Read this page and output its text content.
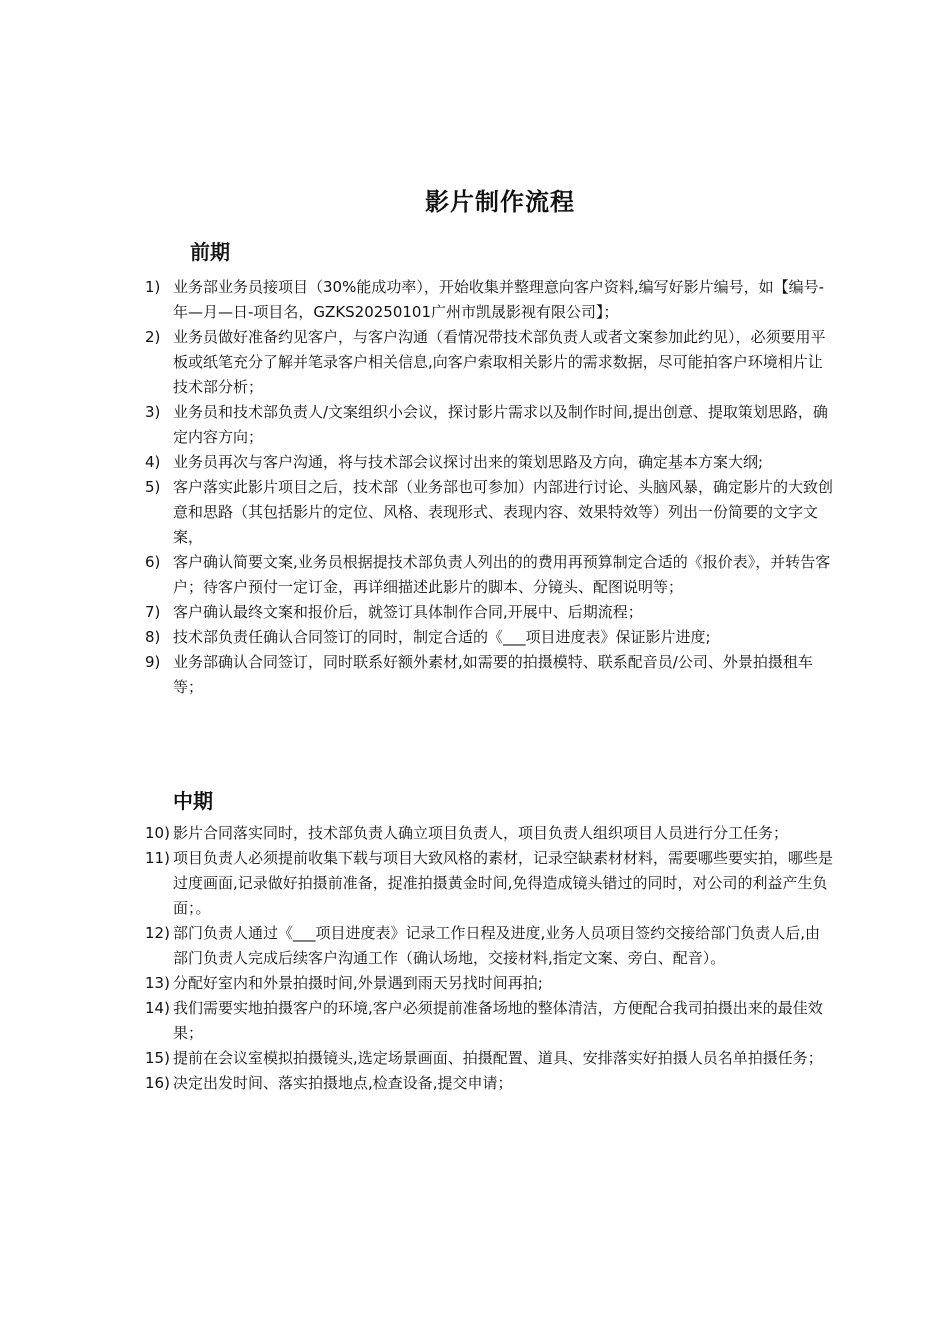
影片制作流程
前期
1) 业务部业务员接项目（30%能成功率），开始收集并整理意向客户资料,编写好影片编号，如【编号-年—月—日-项目名，GZKS20250101广州市凯晟影视有限公司】；
2) 业务员做好准备约见客户，与客户沟通（看情况带技术部负责人或者文案参加此约见），必须要用平板或纸笔充分了解并笔录客户相关信息,向客户索取相关影片的需求数据，尽可能拍客户环境相片让技术部分析；
3) 业务员和技术部负责人/文案组织小会议，探讨影片需求以及制作时间,提出创意、提取策划思路，确定内容方向；
4) 业务员再次与客户沟通，将与技术部会议探讨出来的策划思路及方向，确定基本方案大纲;
5) 客户落实此影片项目之后，技术部（业务部也可参加）内部进行讨论、头脑风暴，确定影片的大致创意和思路（其包括影片的定位、风格、表现形式、表现内容、效果特效等）列出一份简要的文字文案，
6) 客户确认简要文案,业务员根据提技术部负责人列出的的费用再预算制定合适的《报价表》，并转告客户；待客户预付一定订金，再详细描述此影片的脚本、分镜头、配图说明等；
7) 客户确认最终文案和报价后，就签订具体制作合同,开展中、后期流程；
8) 技术部负责任确认合同签订的同时，制定合适的《___项目进度表》保证影片进度;
9) 业务部确认合同签订，同时联系好额外素材,如需要的拍摄模特、联系配音员/公司、外景拍摄租车等；
中期
10) 影片合同落实同时，技术部负责人确立项目负责人，项目负责人组织项目人员进行分工任务；
11) 项目负责人必须提前收集下载与项目大致风格的素材，记录空缺素材材料，需要哪些要实拍，哪些是过度画面,记录做好拍摄前准备，捉准拍摄黄金时间,免得造成镜头错过的同时，对公司的利益产生负面；。
12) 部门负责人通过《___项目进度表》记录工作日程及进度,业务人员项目签约交接给部门负责人后,由部门负责人完成后续客户沟通工作（确认场地，交接材料,指定文案、旁白、配音）。
13) 分配好室内和外景拍摄时间,外景遇到雨天另找时间再拍;
14) 我们需要实地拍摄客户的环境,客户必须提前准备场地的整体清洁，方便配合我司拍摄出来的最佳效果；
15) 提前在会议室模拟拍摄镜头,选定场景画面、拍摄配置、道具、安排落实好拍摄人员名单拍摄任务；
16) 决定出发时间、落实拍摄地点,检查设备,提交申请；
